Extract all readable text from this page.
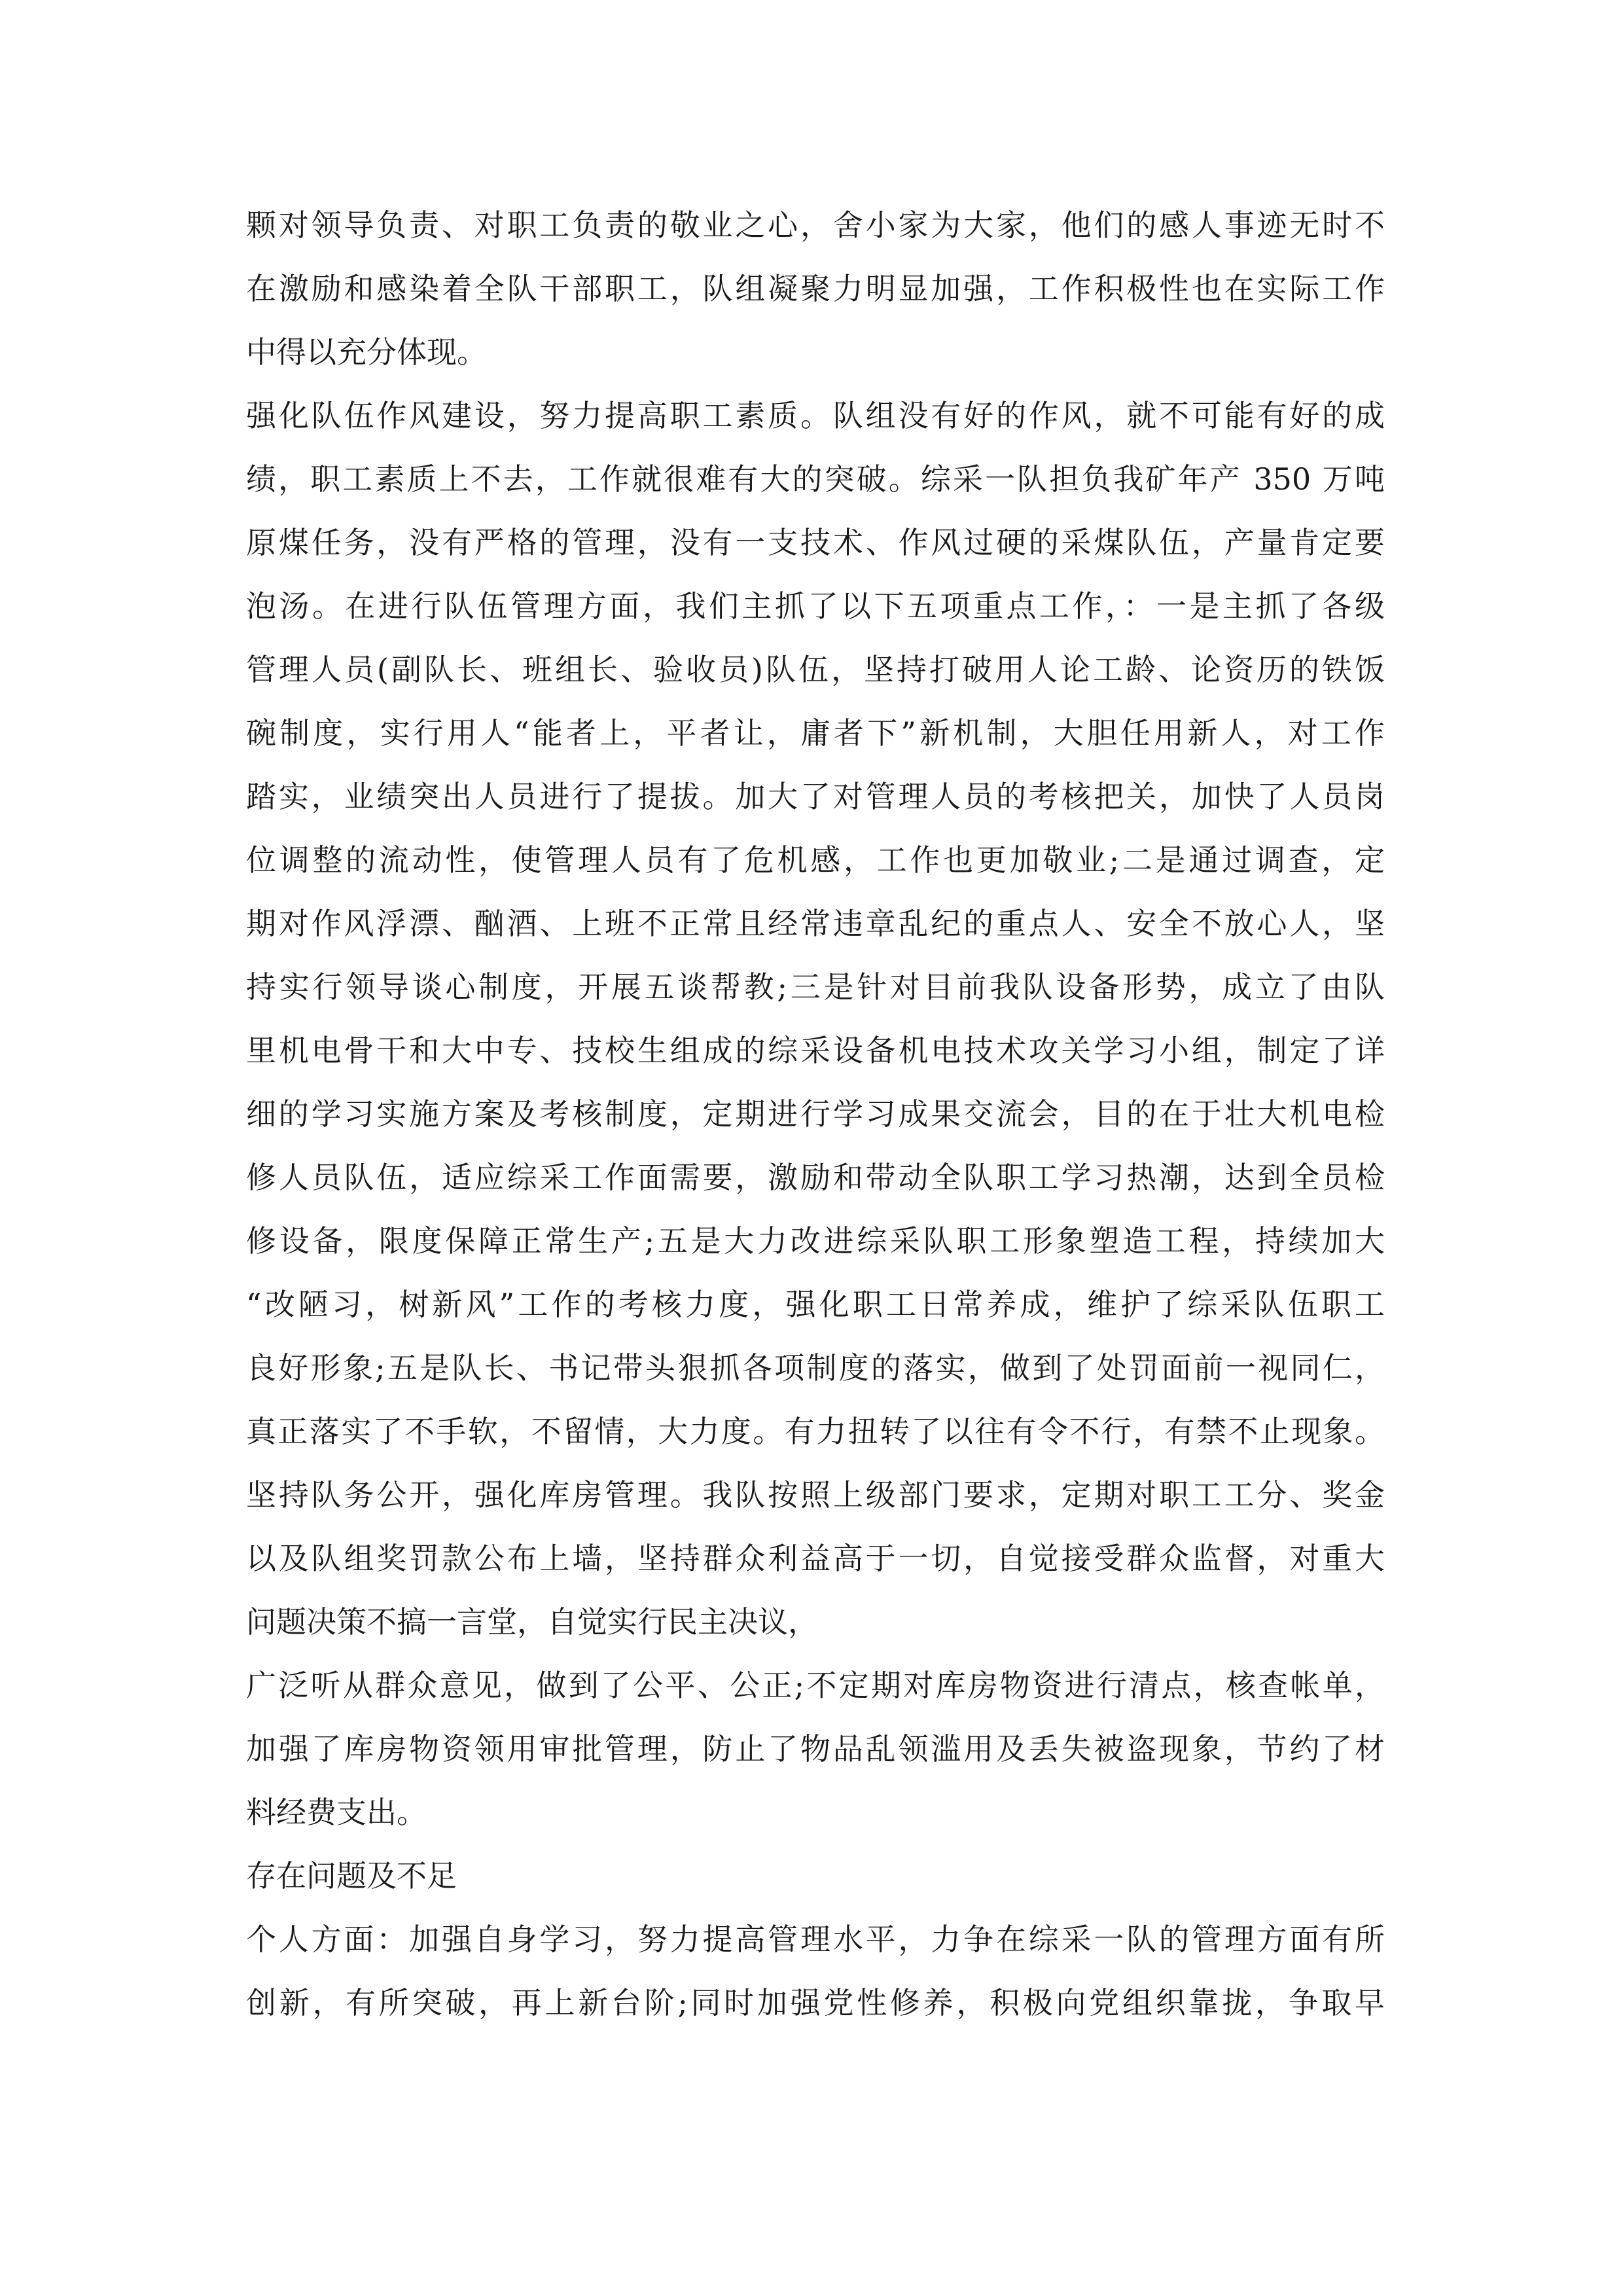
颗对领导负责、对职工负责的敬业之心，舍小家为大家，他们的感人事迹无时不
在激励和感染着全队干部职工，队组凝聚力明显加强，工作积极性也在实际工作
中得以充分体现。
强化队伍作风建设，努力提高职工素质。队组没有好的作风，就不可能有好的成
绩，职工素质上不去，工作就很难有大的突破。综采一队担负我矿年产 350 万吨
原煤任务，没有严格的管理，没有一支技术、作风过硬的采煤队伍，产量肯定要
泡汤。在进行队伍管理方面，我们主抓了以下五项重点工作，：一是主抓了各级
管理人员(副队长、班组长、验收员)队伍，坚持打破用人论工龄、论资历的铁饭
碗制度，实行用人“能者上，平者让，庸者下”新机制，大胆任用新人，对工作
踏实，业绩突出人员进行了提拔。加大了对管理人员的考核把关，加快了人员岗
位调整的流动性，使管理人员有了危机感，工作也更加敬业;二是通过调查，定
期对作风浮漂、酗酒、上班不正常且经常违章乱纪的重点人、安全不放心人，坚
持实行领导谈心制度，开展五谈帮教;三是针对目前我队设备形势，成立了由队
里机电骨干和大中专、技校生组成的综采设备机电技术攻关学习小组，制定了详
细的学习实施方案及考核制度，定期进行学习成果交流会，目的在于壮大机电检
修人员队伍，适应综采工作面需要，激励和带动全队职工学习热潮，达到全员检
修设备，限度保障正常生产;五是大力改进综采队职工形象塑造工程，持续加大
“改陋习，树新风”工作的考核力度，强化职工日常养成，维护了综采队伍职工
良好形象;五是队长、书记带头狠抓各项制度的落实，做到了处罚面前一视同仁，
真正落实了不手软，不留情，大力度。有力扭转了以往有令不行，有禁不止现象。
坚持队务公开，强化库房管理。我队按照上级部门要求，定期对职工工分、奖金
以及队组奖罚款公布上墙，坚持群众利益高于一切，自觉接受群众监督，对重大
问题决策不搞一言堂，自觉实行民主决议，
广泛听从群众意见，做到了公平、公正;不定期对库房物资进行清点，核查帐单，
加强了库房物资领用审批管理，防止了物品乱领滥用及丢失被盗现象，节约了材
料经费支出。
存在问题及不足
个人方面：加强自身学习，努力提高管理水平，力争在综采一队的管理方面有所
创新，有所突破，再上新台阶;同时加强党性修养，积极向党组织靠拢，争取早
